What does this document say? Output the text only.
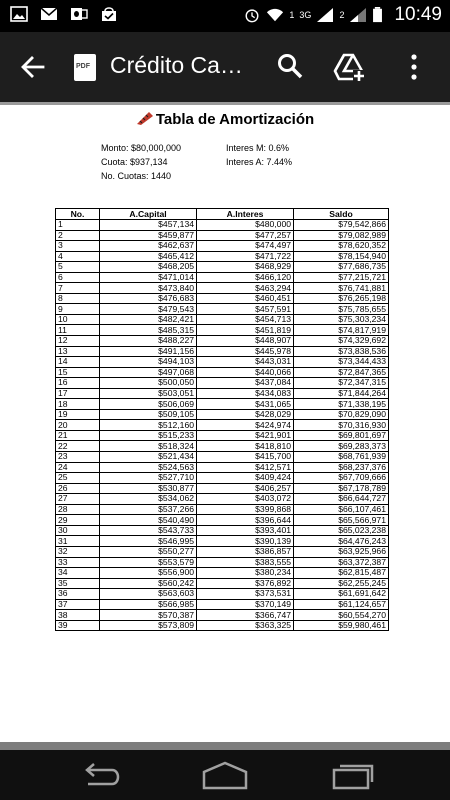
1 3G	2	10:49
PDF Crédito Ca…
Tabla de Amortización
Monto: $80,000,000
Cuota: $937,134
No. Cuotas: 1440
Interes M: 0.6%
Interes A: 7.44%
No.	A.Capital	A.Interes	Saldo
1	$457,134	$480,000	$79,542,866
2	$459,877	$477,257	$79,082,989
3	$462,637	$474,497	$78,620,352
4	$465,412	$471,722	$78,154,940
5	$468,205	$468,929	$77,686,735
6	$471,014	$466,120	$77,215,721
7	$473,840	$463,294	$76,741,881
8	$476,683	$460,451	$76,265,198
9	$479,543	$457,591	$75,785,655
10	$482,421	$454,713	$75,303,234
11	$485,315	$451,819	$74,817,919
12	$488,227	$448,907	$74,329,692
13	$491,156	$445,978	$73,838,536
14	$494,103	$443,031	$73,344,433
15	$497,068	$440,066	$72,847,365
16	$500,050	$437,084	$72,347,315
17	$503,051	$434,083	$71,844,264
18	$506,069	$431,065	$71,338,195
19	$509,105	$428,029	$70,829,090
20	$512,160	$424,974	$70,316,930
21	$515,233	$421,901	$69,801,697
22	$518,324	$418,810	$69,283,373
23	$521,434	$415,700	$68,761,939
24	$524,563	$412,571	$68,237,376
25	$527,710	$409,424	$67,709,666
26	$530,877	$406,257	$67,178,789
27	$534,062	$403,072	$66,644,727
28	$537,266	$399,868	$66,107,461
29	$540,490	$396,644	$65,566,971
30	$543,733	$393,401	$65,023,238
31	$546,995	$390,139	$64,476,243
32	$550,277	$386,857	$63,925,966
33	$553,579	$383,555	$63,372,387
34	$556,900	$380,234	$62,815,487
35	$560,242	$376,892	$62,255,245
36	$563,603	$373,531	$61,691,642
37	$566,985	$370,149	$61,124,657
38	$570,387	$366,747	$60,554,270
39	$573,809	$363,325	$59,980,461
